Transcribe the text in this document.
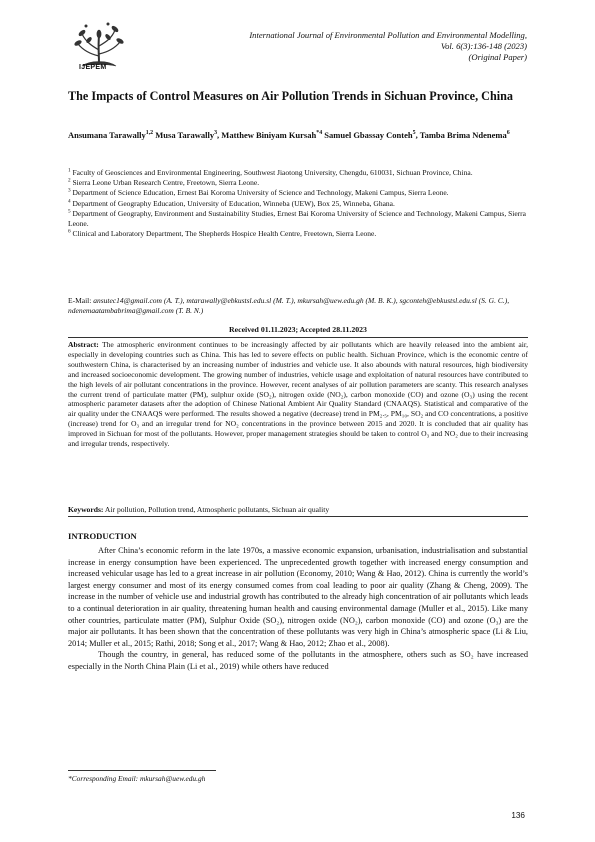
IJEPEM
International Journal of Environmental Pollution and Environmental Modelling,
Vol. 6(3):136-148 (2023)
(Original Paper)
The Impacts of Control Measures on Air Pollution Trends in Sichuan Province, China
Ansumana Tarawally$^{1,2}$ Musa Tarawally$^3$, Matthew Biniyam Kursah$^{*4}$ Samuel Gbassay Conteh$^5$, Tamba Brima Ndenema$^6$

$^1$ Faculty of Geosciences and Environmental Engineering, Southwest Jiaotong University, Chengdu, 610031, Sichuan Province, China.

$^2$ Sierra Leone Urban Research Centre, Freetown, Sierra Leone.

$^3$ Department of Science Education, Ernest Bai Koroma University of Science and Technology, Makeni Campus, Sierra Leone.

$^4$ Department of Geography Education, University of Education, Winneba (UEW), Box 25, Winneba, Ghana.

$^5$ Department of Geography, Environment and Sustainability Studies, Ernest Bai Koroma University of Science and Technology, Makeni Campus, Sierra Leone.

$^6$ Clinical and Laboratory Department, The Shepherds Hospice Health Centre, Freetown, Sierra Leone.

E-Mail: ansutec14@gmail.com (A. T.), mtarawally@ebkustsl.edu.sl (M. T.), mkursah@uew.edu.gh (M. B. K.), sgconteh@ebkustsl.edu.sl (S. G. C.), ndenemaatambabrima@gmail.com (T. B. N.)
Received 01.11.2023; Accepted 28.11.2023
Abstract: The atmospheric environment continues to be increasingly affected by air pollutants which are heavily released into the ambient air, especially in developing countries such as China. This has led to severe effects on public health. Sichuan Province, which is the economic centre of southwestern China, is characterised by an increasing number of industries and vehicle use. It also abounds with natural resources, high biodiversity and increased socioeconomic development. The growing number of industries, vehicle usage and exploitation of natural resources have contributed to the high levels of air pollutant concentrations in the province. However, recent analyses of air pollution parameters are scanty. This research analyses the current trend of particulate matter (PM), sulphur oxide (SO₂), nitrogen oxide (NO₂), carbon monoxide (CO) and ozone (O₃) using the recent atmospheric parameter datasets after the adoption of Chinese National Ambient Air Quality Standard (CNAAQS). Statistical and comparative of the air quality under the CNAAQS were performed. The results showed a negative (decrease) trend in PM₂.₅, PM₁₀, SO₂ and CO concentrations, a positive (increase) trend for O₃ and an irregular trend for NO₂ concentrations in the province between 2015 and 2020. It is concluded that air quality has improved in Sichuan for most of the pollutants. However, proper management strategies should be taken to control O₃ and NO₂ due to their increasing and irregular trends, respectively.
Keywords: Air pollution, Pollution trend, Atmospheric pollutants, Sichuan air quality
INTRODUCTION

After China’s economic reform in the late 1970s, a massive economic expansion, urbanisation, industrialisation and substantial increase in energy consumption have been experienced. The unprecedented growth together with increased energy consumption and increased vehicular usage has led to a great increase in air pollution (Economy, 2010; Wang & Hao, 2012). China is currently the world’s largest energy consumer and most of its energy consumed comes from coal leading to poor air quality (Zhang & Cheng, 2009). The increase in the number of vehicle use and industrial growth has contributed to the already high concentration of air pollutants which leads to a continual deterioration in air quality, threatening human health and causing environmental damage (Muller et al., 2015). Like many other countries, particulate matter (PM), Sulphur Oxide (SO₂), nitrogen oxide (NO₂), carbon monoxide (CO) and ozone (O₃) are the major air pollutants. It has been shown that the concentration of these pollutants was very high in China’s atmospheric space (Li & Liu, 2014; Muller et al., 2015; Rathi, 2018; Song et al., 2017; Wang & Hao, 2012; Zhao et al., 2008).

Though the country, in general, has reduced some of the pollutants in the atmosphere, others such as SO₂ have increased especially in the North China Plain (Li et al., 2019) while others have reduced

*Corresponding Email: mkursah@uew.edu.gh
136
